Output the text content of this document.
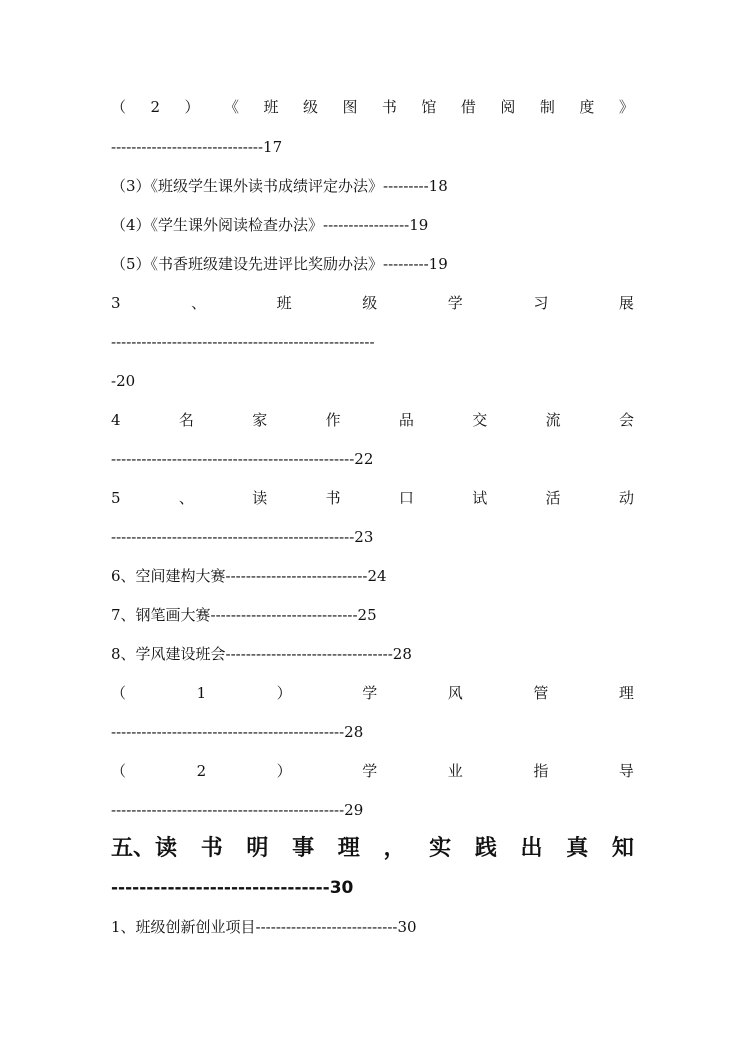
（ 2 ） 《 班 级 图 书 馆 借 阅 制 度 》
------------------------------17
（3）《班级学生课外读书成绩评定办法》---------18
（4）《学生课外阅读检查办法》-----------------19
（5）《书香班级建设先进评比奖励办法》---------19
3	、	班	级	学	习	展
----------------------------------------------------
-20
4	名	家	作	品	交	流	会
------------------------------------------------22
5	、	读	书	口	试	活	动
------------------------------------------------23
6、空间建构大赛----------------------------24
7、钢笔画大赛-----------------------------25
8、学风建设班会---------------------------------28
（	1	）	学	风	管	理
----------------------------------------------28
（	2	）	学	业	指	导
----------------------------------------------29
五、读 书 明 事 理 ， 实 践 出 真 知
-------------------------------30
1、班级创新创业项目----------------------------30
